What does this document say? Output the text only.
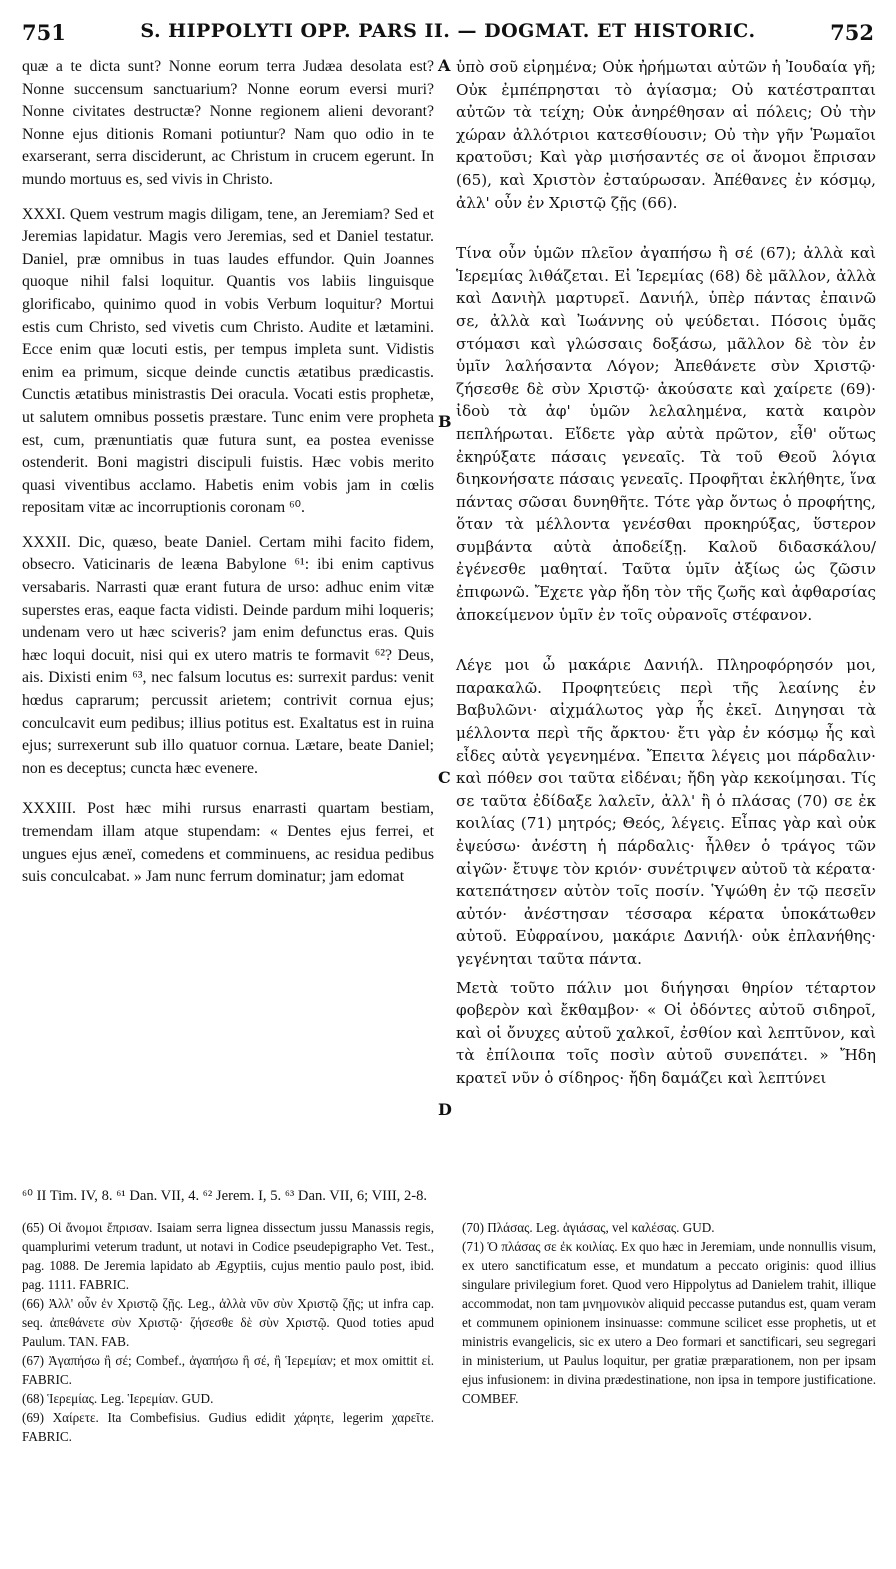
751	S. HIPPOLYTI OPP. PARS II. — DOGMAT. ET HISTORIC.	752

quæ a te dicta sunt? Nonne eorum terra Judæa desolata est? Nonne succensum sanctuarium? Nonne eorum eversi muri? Nonne civitates destructæ? Nonne regionem alieni devorant? Nonne ejus ditionis Romani potiuntur? Nam quo odio in te exarserant, serra disciderunt, ac Christum in crucem egerunt. In mundo mortuus es, sed vivis in Christo.

XXXI. Quem vestrum magis diligam, tene, an Jeremiam? Sed et Jeremias lapidatur. Magis vero Jeremias, sed et Daniel testatur. Daniel, præ omnibus in tuas laudes effundor. Quin Joannes quoque nihil falsi loquitur. Quantis vos labiis linguisque glorificabo, quinimo quod in vobis Verbum loquitur? Mortui estis cum Christo, sed vivetis cum Christo. Audite et lætamini. Ecce enim quæ locuti estis, per tempus impleta sunt. Vidistis enim ea primum, sicque deinde cunctis ætatibus prædicastis. Cunctis ætatibus ministrastis Dei oracula. Vocati estis prophetæ, ut salutem omnibus possetis præstare. Tunc enim vere propheta est, cum, prænuntiatis quæ futura sunt, ea postea evenisse ostenderit. Boni magistri discipuli fuistis. Hæc vobis merito quasi viventibus acclamo. Habetis enim vobis jam in cœlis repositam vitæ ac incorruptionis coronam ⁶⁰.

XXXII. Dic, quæso, beate Daniel. Certam mihi facito fidem, obsecro. Vaticinaris de leæna Babylone ⁶¹: ibi enim captivus versabaris. Narrasti quæ erant futura de urso: adhuc enim vitæ superstes eras, eaque facta vidisti. Deinde pardum mihi loqueris; undenam vero ut hæc sciveris? jam enim defunctus eras. Quis hæc loqui docuit, nisi qui ex utero matris te formavit ⁶²? Deus, ais. Dixisti enim ⁶³, nec falsum locutus es: surrexit pardus: venit hœdus caprarum; percussit arietem; contrivit cornua ejus; conculcavit eum pedibus; illius potitus est. Exaltatus est in ruina ejus; surrexerunt sub illo quatuor cornua. Lætare, beate Daniel; non es deceptus; cuncta hæc evenere.

XXXIII. Post hæc mihi rursus enarrasti quartam bestiam, tremendam illam atque stupendam: « Dentes ejus ferrei, et ungues ejus æneï, comedens et comminuens, ac residua pedibus suis conculcabat. » Jam nunc ferrum dominatur; jam edomat

A
B
C
D

ὑπὸ σοῦ εἰρημένα; Οὐκ ἠρήμωται αὐτῶν ἡ Ἰουδαία γῆ; Οὐκ ἐμπέπρησται τὸ ἁγίασμα; Οὐ κατέστραπται αὐτῶν τὰ τείχη; Οὐκ ἀνηρέθησαν αἱ πόλεις; Οὐ τὴν χώραν ἀλλότριοι κατεσθίουσιν; Οὐ τὴν γῆν Ῥωμαῖοι κρατοῦσι; Καὶ γὰρ μισήσαντές σε οἱ ἄνομοι ἔπρισαν (65), καὶ Χριστὸν ἐσταύρωσαν. Ἀπέθανες ἐν κόσμῳ, ἀλλ' οὖν ἐν Χριστῷ ζῇς (66).

Τίνα οὖν ὑμῶν πλεῖον ἀγαπήσω ἢ σέ (67); ἀλλὰ καὶ Ἱερεμίας λιθάζεται. Εἰ Ἱερεμίας (68) δὲ μᾶλλον, ἀλλὰ καὶ Δανιὴλ μαρτυρεῖ. Δανιήλ, ὑπὲρ πάντας ἐπαινῶ σε, ἀλλὰ καὶ Ἰωάννης οὐ ψεύδεται. Πόσοις ὑμᾶς στόμασι καὶ γλώσσαις δοξάσω, μᾶλλον δὲ τὸν ἐν ὑμῖν λαλήσαντα Λόγον; Ἀπεθάνετε σὺν Χριστῷ· ζήσεσθε δὲ σὺν Χριστῷ· ἀκούσατε καὶ χαίρετε (69)· ἰδοὺ τὰ ἀφ' ὑμῶν λελαλημένα, κατὰ καιρὸν πεπλήρωται. Εἴδετε γὰρ αὐτὰ πρῶτον, εἶθ' οὕτως ἐκηρύξατε πάσαις γενεαῖς. Τὰ τοῦ Θεοῦ λόγια διηκονήσατε πάσαις γενεαῖς. Προφῆται ἐκλήθητε, ἵνα πάντας σῶσαι δυνηθῆτε. Τότε γὰρ ὄντως ὁ προφήτης, ὅταν τὰ μέλλοντα γενέσθαι προκηρύξας, ὕστερον συμβάντα αὐτὰ ἀποδείξῃ. Καλοῦ διδασκάλου/ ἐγένεσθε μαθηταί. Ταῦτα ὑμῖν ἀξίως ὡς ζῶσιν ἐπιφωνῶ. Ἔχετε γὰρ ἤδη τὸν τῆς ζωῆς καὶ ἀφθαρσίας ἀποκείμενον ὑμῖν ἐν τοῖς οὐρανοῖς στέφανον.

Λέγε μοι ὦ μακάριε Δανιήλ. Πληροφόρησόν μοι, παρακαλῶ. Προφητεύεις περὶ τῆς λεαίνης ἐν Βαβυλῶνι· αἰχμάλωτος γὰρ ἦς ἐκεῖ. Διηγησαι τὰ μέλλοντα περὶ τῆς ἄρκτου· ἔτι γὰρ ἐν κόσμῳ ἦς καὶ εἶδες αὐτὰ γεγενημένα. Ἔπειτα λέγεις μοι πάρδαλιν· καὶ πόθεν σοι ταῦτα εἰδέναι; ἤδη γὰρ κεκοίμησαι. Τίς σε ταῦτα ἐδίδαξε λαλεῖν, ἀλλ' ἢ ὁ πλάσας (70) σε ἐκ κοιλίας (71) μητρός; Θεός, λέγεις. Εἶπας γὰρ καὶ οὐκ ἐψεύσω· ἀνέστη ἡ πάρδαλις· ἦλθεν ὁ τράγος τῶν αἰγῶν· ἔτυψε τὸν κριόν· συνέτριψεν αὐτοῦ τὰ κέρατα· κατεπάτησεν αὐτὸν τοῖς ποσίν. Ὑψώθη ἐν τῷ πεσεῖν αὐτόν· ἀνέστησαν τέσσαρα κέρατα ὑποκάτωθεν αὐτοῦ. Εὐφραίνου, μακάριε Δανιήλ· οὐκ ἐπλανήθης· γεγένηται ταῦτα πάντα.

Μετὰ τοῦτο πάλιν μοι διήγησαι θηρίον τέταρτον φοβερὸν καὶ ἔκθαμβον· « Οἱ ὀδόντες αὐτοῦ σιδηροῖ, καὶ οἱ ὄνυχες αὐτοῦ χαλκοῖ, ἐσθίον καὶ λεπτῦνον, καὶ τὰ ἐπίλοιπα τοῖς ποσὶν αὐτοῦ συνεπάτει. » Ἤδη κρατεῖ νῦν ὁ σίδηρος· ἤδη δαμάζει καὶ λεπτύνει

⁶⁰ II Tim. IV, 8. ⁶¹ Dan. VII, 4. ⁶² Jerem. I, 5. ⁶³ Dan. VII, 6; VIII, 2-8.

(65) Οἱ ἄνομοι ἔπρισαν. Isaiam serra lignea dissectum jussu Manassis regis, quamplurimi veterum tradunt, ut notavi in Codice pseudepigrapho Vet. Test., pag. 1088. De Jeremia lapidato ab Ægyptiis, cujus mentio paulo post, ibid. pag. 1111. FABRIC.

(66) Ἀλλ' οὖν ἐν Χριστῷ ζῇς. Leg., ἀλλὰ νῦν σὺν Χριστῷ ζῇς; ut infra cap. seq. ἀπεθάνετε σὺν Χριστῷ· ζήσεσθε δὲ σὺν Χριστῷ. Quod toties apud Paulum. TAN. FAB.

(67) Ἀγαπήσω ἢ σέ; Combef., ἀγαπήσω ἢ σέ, ἢ Ἱερεμίαν; et mox omittit εἰ. FABRIC.

(68) Ἱερεμίας. Leg. Ἱερεμίαν. GUD.

(69) Χαίρετε. Ita Combefisius. Gudius edidit χάρητε, legerim χαρεῖτε. FABRIC.

(70) Πλάσας. Leg. ἁγιάσας, vel καλέσας. GUD.

(71) Ὁ πλάσας σε ἐκ κοιλίας. Ex quo hæc in Jeremiam, unde nonnullis visum, ex utero sanctificatum esse, et mundatum a peccato originis: quod illius singulare privilegium foret. Quod vero Hippolytus ad Danielem trahit, illique accommodat, non tam μνημονικὸν aliquid peccasse putandus est, quam veram et communem opinionem insinuasse: commune scilicet esse prophetis, ut et ministris evangelicis, sic ex utero a Deo formari et sanctificari, seu segregari in ministerium, ut Paulus loquitur, per gratiæ præparationem, non per ipsam ejus infusionem: in divina prædestinatione, non ipsa in tempore justificatione. COMBEF.
